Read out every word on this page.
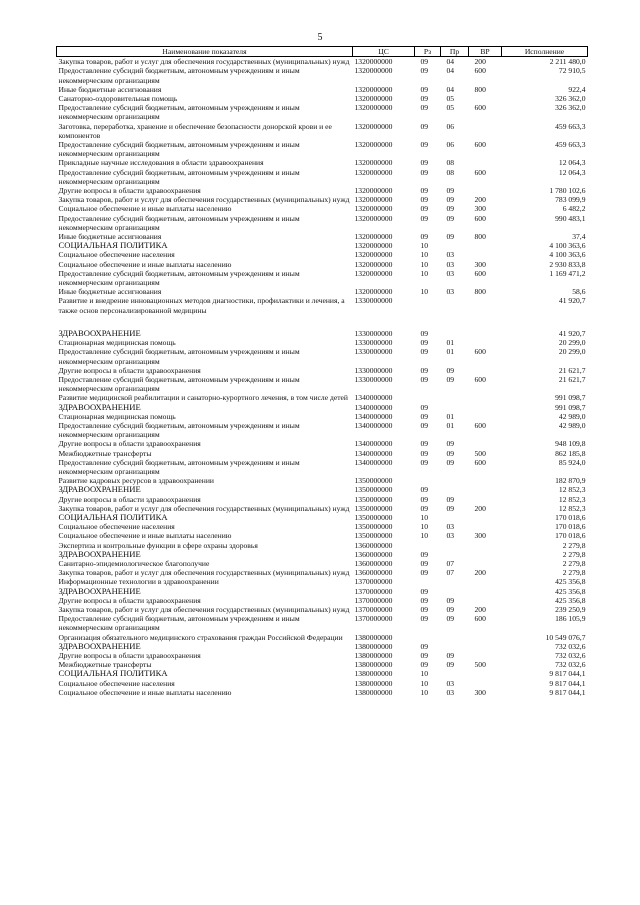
5
Наименование показателя	ЦС	Рз	Пр	ВР	Исполнение
Закупка товаров, работ и услуг для обеспечения государственных (муниципальных) нужд	1320000000	09	04	200	2 211 480,0
Предоставление субсидий бюджетным, автономным учреждениям и иным некоммерческим организациям	1320000000	09	04	600	72 910,5
Иные бюджетные ассигнования	1320000000	09	04	800	922,4
Санаторно-оздоровительная помощь	1320000000	09	05		326 362,0
Предоставление субсидий бюджетным, автономным учреждениям и иным некоммерческим организациям	1320000000	09	05	600	326 362,0
Заготовка, переработка, хранение и обеспечение безопасности донорской крови и ее компонентов	1320000000	09	06		459 663,3
Предоставление субсидий бюджетным, автономным учреждениям и иным некоммерческим организациям	1320000000	09	06	600	459 663,3
Прикладные научные исследования в области здравоохранения	1320000000	09	08		12 064,3
Предоставление субсидий бюджетным, автономным учреждениям и иным некоммерческим организациям	1320000000	09	08	600	12 064,3
Другие вопросы в области здравоохранения	1320000000	09	09		1 780 102,6
Закупка товаров, работ и услуг для обеспечения государственных (муниципальных) нужд	1320000000	09	09	200	783 099,9
Социальное обеспечение и иные выплаты населению	1320000000	09	09	300	6 482,2
Предоставление субсидий бюджетным, автономным учреждениям и иным некоммерческим организациям	1320000000	09	09	600	990 483,1
Иные бюджетные ассигнования	1320000000	09	09	800	37,4
СОЦИАЛЬНАЯ ПОЛИТИКА	1320000000	10			4 100 363,6
Социальное обеспечение населения	1320000000	10	03		4 100 363,6
Социальное обеспечение и иные выплаты населению	1320000000	10	03	300	2 930 833,8
Предоставление субсидий бюджетным, автономным учреждениям и иным некоммерческим организациям	1320000000	10	03	600	1 169 471,2
Иные бюджетные ассигнования	1320000000	10	03	800	58,6
Развитие и внедрение инновационных методов диагностики, профилактики и лечения, а также основ персонализированной медицины	1330000000				41 920,7

ЗДРАВООХРАНЕНИЕ	1330000000	09			41 920,7
Стационарная медицинская помощь	1330000000	09	01		20 299,0
Предоставление субсидий бюджетным, автономным учреждениям и иным некоммерческим организациям	1330000000	09	01	600	20 299,0
Другие вопросы в области здравоохранения	1330000000	09	09		21 621,7
Предоставление субсидий бюджетным, автономным учреждениям и иным некоммерческим организациям	1330000000	09	09	600	21 621,7
Развитие медицинской реабилитации и санаторно-курортного лечения, в том числе детей	1340000000				991 098,7
ЗДРАВООХРАНЕНИЕ	1340000000	09			991 098,7
Стационарная медицинская помощь	1340000000	09	01		42 989,0
Предоставление субсидий бюджетным, автономным учреждениям и иным некоммерческим организациям	1340000000	09	01	600	42 989,0
Другие вопросы в области здравоохранения	1340000000	09	09		948 109,8
Межбюджетные трансферты	1340000000	09	09	500	862 185,8
Предоставление субсидий бюджетным, автономным учреждениям и иным некоммерческим организациям	1340000000	09	09	600	85 924,0
Развитие кадровых ресурсов в здравоохранении	1350000000				182 870,9
ЗДРАВООХРАНЕНИЕ	1350000000	09			12 852,3
Другие вопросы в области здравоохранения	1350000000	09	09		12 852,3
Закупка товаров, работ и услуг для обеспечения государственных (муниципальных) нужд	1350000000	09	09	200	12 852,3
СОЦИАЛЬНАЯ ПОЛИТИКА	1350000000	10			170 018,6
Социальное обеспечение населения	1350000000	10	03		170 018,6
Социальное обеспечение и иные выплаты населению	1350000000	10	03	300	170 018,6
Экспертиза и контрольные функции в сфере охраны здоровья	1360000000				2 279,8
ЗДРАВООХРАНЕНИЕ	1360000000	09			2 279,8
Санитарно-эпидемиологическое благополучие	1360000000	09	07		2 279,8
Закупка товаров, работ и услуг для обеспечения государственных (муниципальных) нужд	1360000000	09	07	200	2 279,8
Информационные технологии в здравоохранении	1370000000				425 356,8
ЗДРАВООХРАНЕНИЕ	1370000000	09			425 356,8
Другие вопросы в области здравоохранения	1370000000	09	09		425 356,8
Закупка товаров, работ и услуг для обеспечения государственных (муниципальных) нужд	1370000000	09	09	200	239 250,9
Предоставление субсидий бюджетным, автономным учреждениям и иным некоммерческим организациям	1370000000	09	09	600	186 105,9
Организация обязательного медицинского страхования граждан Российской Федерации	1380000000				10 549 076,7
ЗДРАВООХРАНЕНИЕ	1380000000	09			732 032,6
Другие вопросы в области здравоохранения	1380000000	09	09		732 032,6
Межбюджетные трансферты	1380000000	09	09	500	732 032,6
СОЦИАЛЬНАЯ ПОЛИТИКА	1380000000	10			9 817 044,1
Социальное обеспечение населения	1380000000	10	03		9 817 044,1
Социальное обеспечение и иные выплаты населению	1380000000	10	03	300	9 817 044,1
